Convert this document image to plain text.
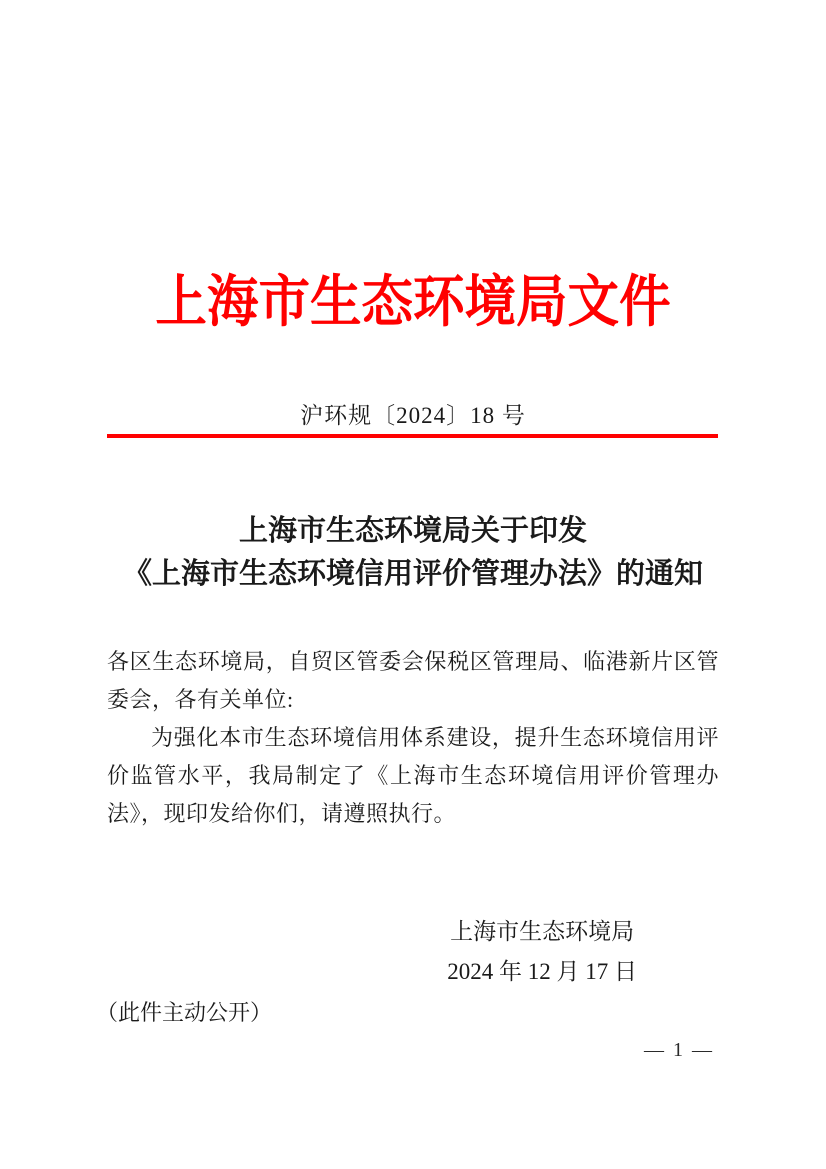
上海市生态环境局文件
沪环规〔2024〕18 号
上海市生态环境局关于印发
《上海市生态环境信用评价管理办法》的通知

各区生态环境局，自贸区管委会保税区管理局、临港新片区管委会，各有关单位:

为强化本市生态环境信用体系建设，提升生态环境信用评价监管水平，我局制定了《上海市生态环境信用评价管理办法》，现印发给你们，请遵照执行。

上海市生态环境局
2024 年 12 月 17 日
（此件主动公开）
— 1 —
